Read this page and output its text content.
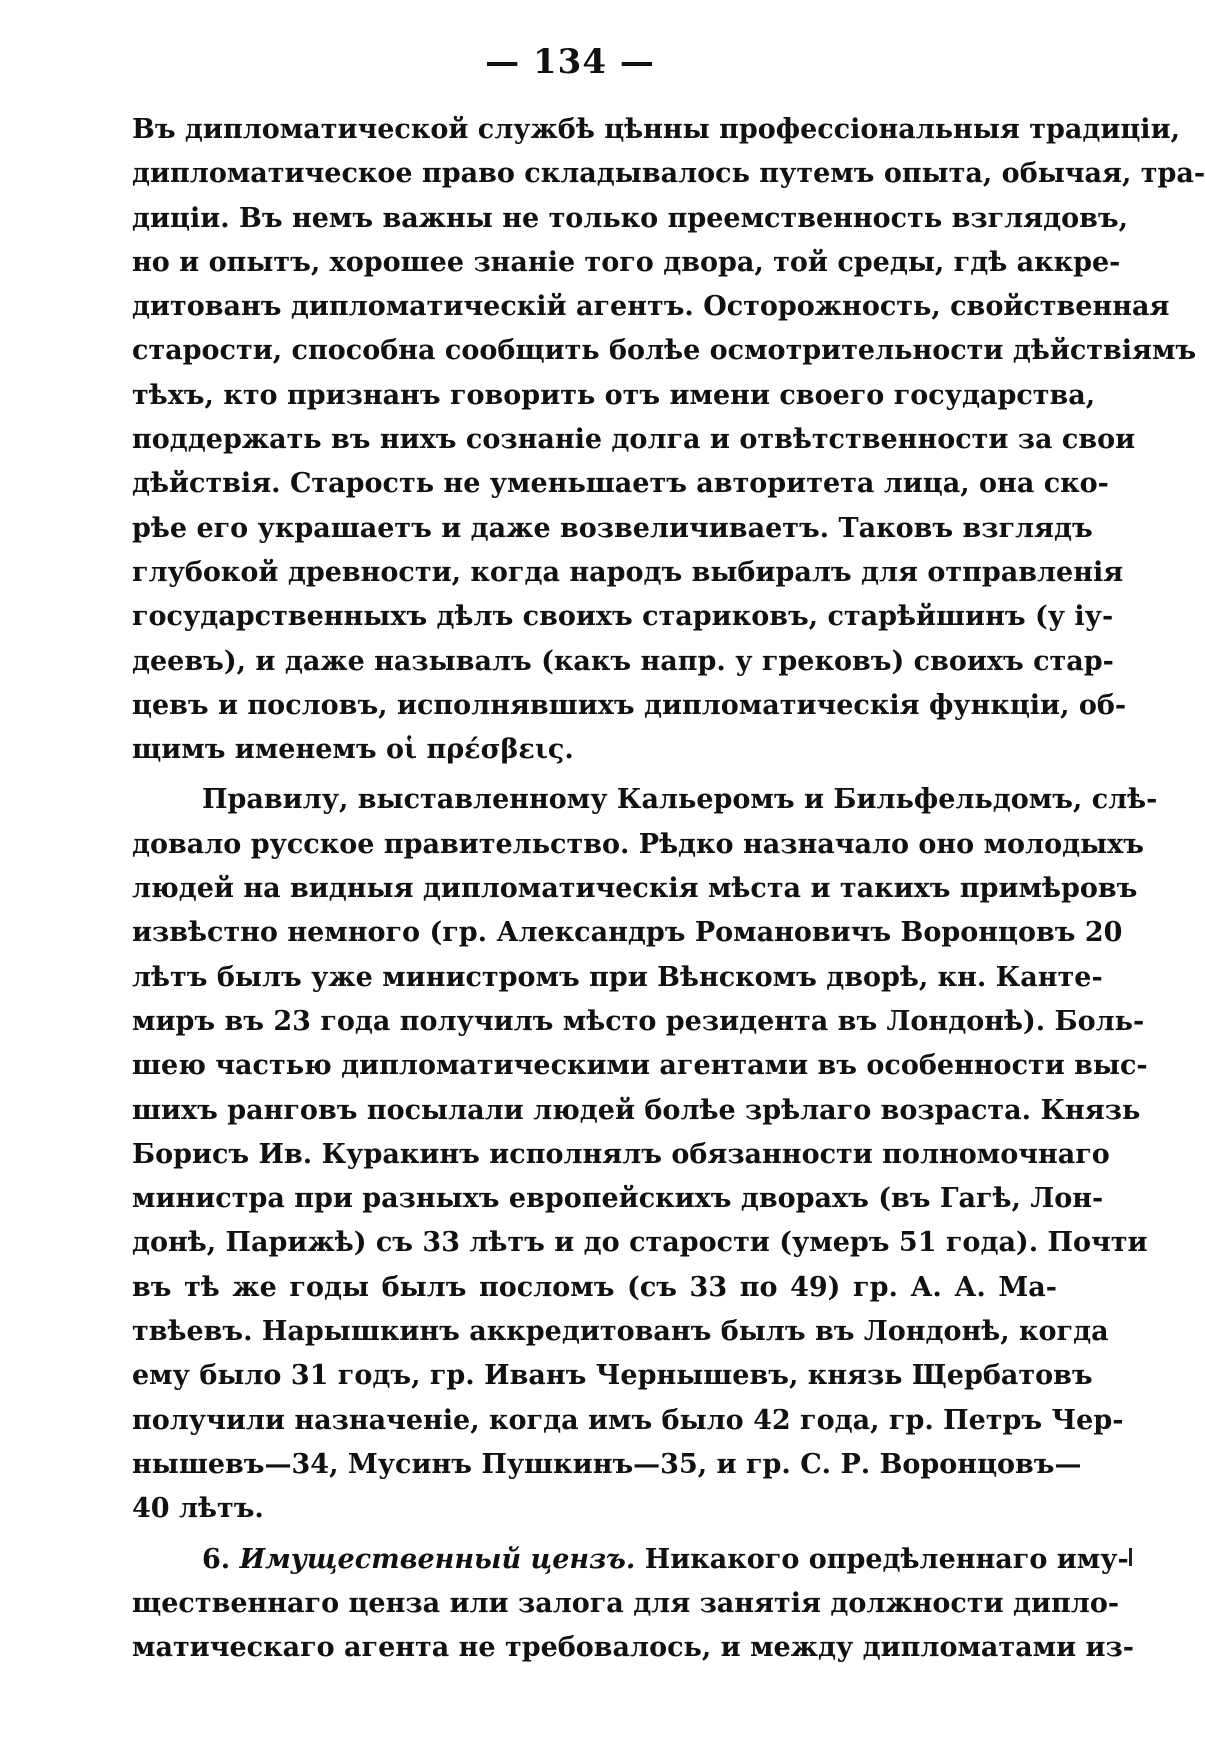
— 134 —
Въ дипломатической службѣ цѣнны профессіональныя традиціи,
дипломатическое право складывалось путемъ опыта, обычая, тра-
диціи. Въ немъ важны не только преемственность взглядовъ,
но и опытъ, хорошее знаніе того двора, той среды, гдѣ аккре-
дитованъ дипломатическій агентъ. Осторожность, свойственная
старости, способна сообщить болѣе осмотрительности дѣйствіямъ
тѣхъ, кто признанъ говорить отъ имени своего государства,
поддержать въ нихъ сознаніе долга и отвѣтственности за свои
дѣйствія. Старость не уменьшаетъ авторитета лица, она ско-
рѣе его украшаетъ и даже возвеличиваетъ. Таковъ взглядъ
глубокой древности, когда народъ выбиралъ для отправленія
государственныхъ дѣлъ своихъ стариковъ, старѣйшинъ (у іу-
деевъ), и даже называлъ (какъ напр. у грековъ) своихъ стар-
цевъ и пословъ, исполнявшихъ дипломатическія функціи, об-
щимъ именемъ οἱ πρέσβεις.
Правилу, выставленному Кальеромъ и Бильфельдомъ, слѣ-
довало русское правительство. Рѣдко назначало оно молодыхъ
людей на видныя дипломатическія мѣста и такихъ примѣровъ
извѣстно немного (гр. Александръ Романовичъ Воронцовъ 20
лѣтъ былъ уже министромъ при Вѣнскомъ дворѣ, кн. Канте-
миръ въ 23 года получилъ мѣсто резидента въ Лондонѣ). Боль-
шею частью дипломатическими агентами въ особенности выс-
шихъ ранговъ посылали людей болѣе зрѣлаго возраста. Князь
Борисъ Ив. Куракинъ исполнялъ обязанности полномочнаго
министра при разныхъ европейскихъ дворахъ (въ Гагѣ, Лон-
донѣ, Парижѣ) съ 33 лѣтъ и до старости (умеръ 51 года). Почти
въ тѣ же годы былъ посломъ (съ 33 по 49) гр. А. А. Ма-
твѣевъ. Нарышкинъ аккредитованъ былъ въ Лондонѣ, когда
ему было 31 годъ, гр. Иванъ Чернышевъ, князь Щербатовъ
получили назначеніе, когда имъ было 42 года, гр. Петръ Чер-
нышевъ—34, Мусинъ Пушкинъ—35, и гр. С. Р. Воронцовъ—
40 лѣтъ.
6. Имущественный цензъ. Никакого опредѣленнаго иму-
щественнаго ценза или залога для занятія должности дипло-
матическаго агента не требовалось, и между дипломатами из-
